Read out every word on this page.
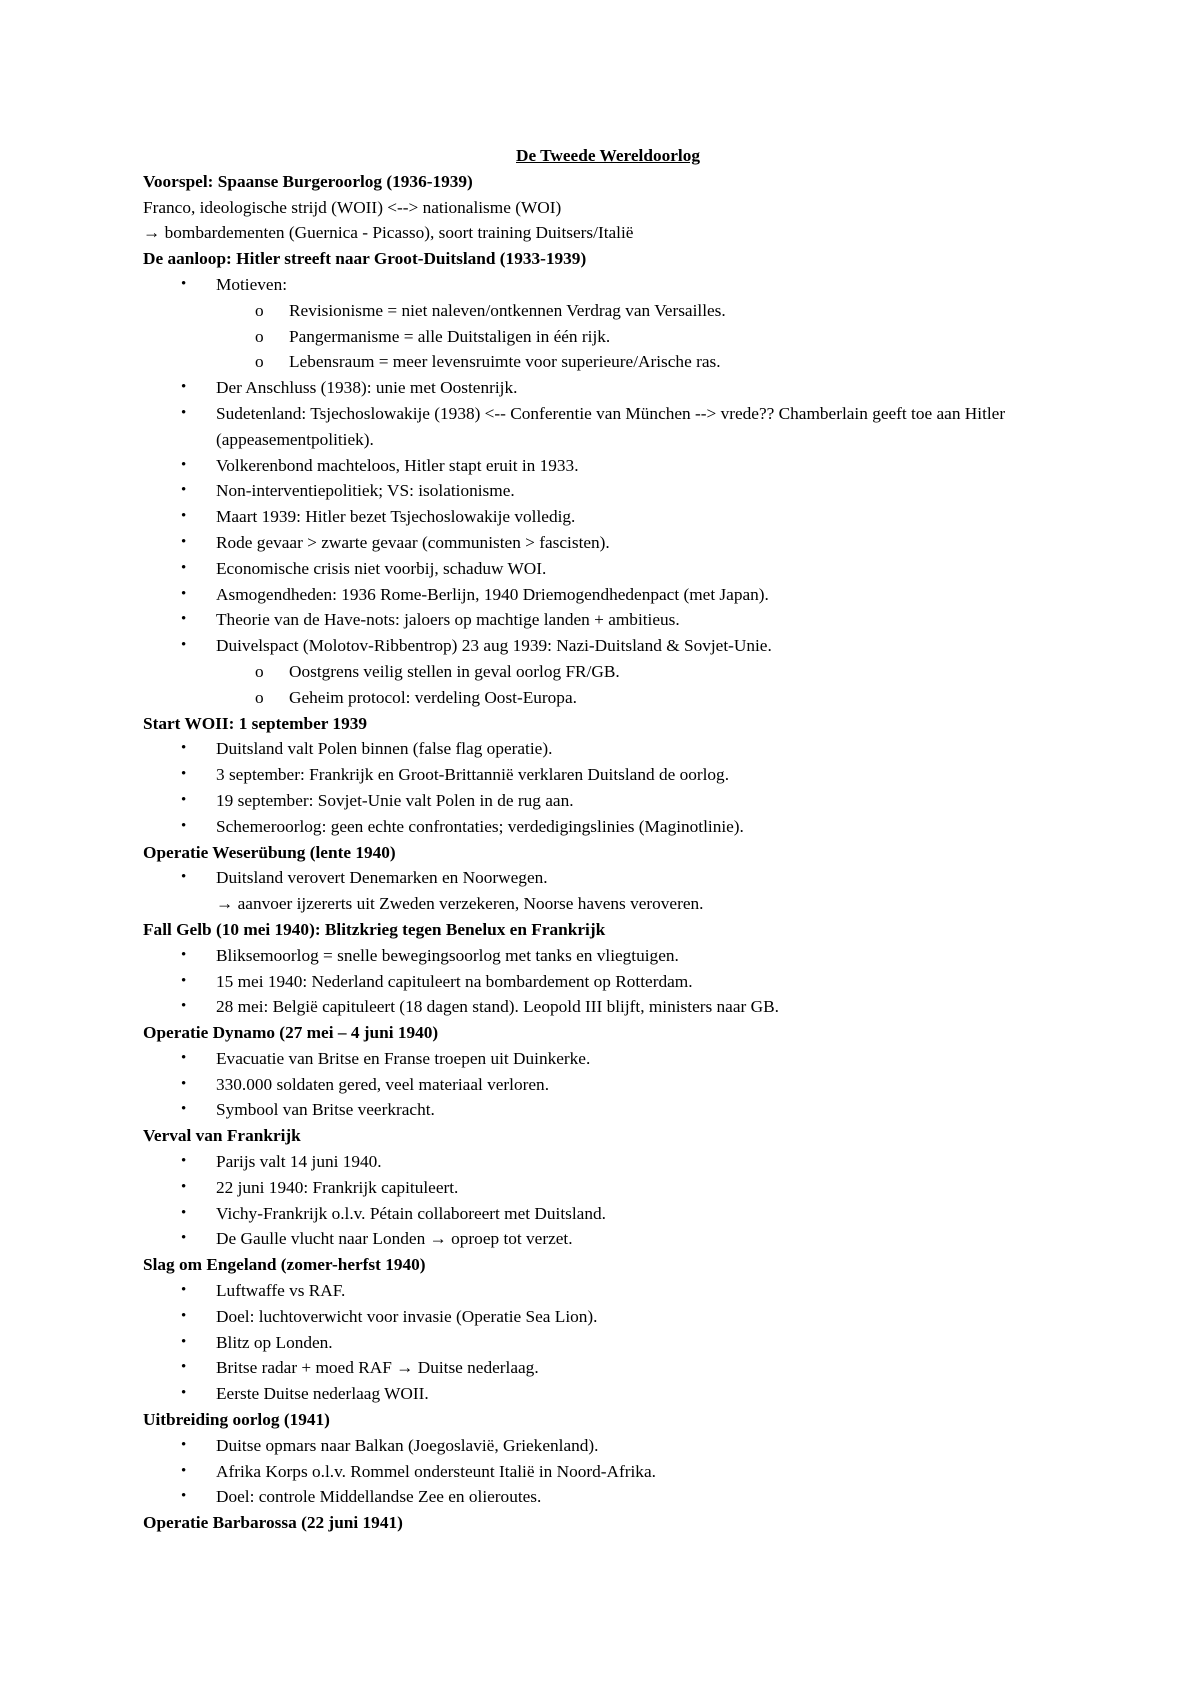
De Tweede Wereldoorlog

Voorspel: Spaanse Burgeroorlog (1936-1939)

Franco, ideologische strijd (WOII) <--> nationalisme (WOI)

→ bombardementen (Guernica - Picasso), soort training Duitsers/Italië

De aanloop: Hitler streeft naar Groot-Duitsland (1933-1939)

• Motieven:
o Revisionisme = niet naleven/ontkennen Verdrag van Versailles.
o Pangermanisme = alle Duitstaligen in één rijk.
o Lebensraum = meer levensruimte voor superieure/Arische ras.
• Der Anschluss (1938): unie met Oostenrijk.
• Sudetenland: Tsjechoslowakije (1938) <-- Conferentie van München --> vrede?? Chamberlain geeft toe aan Hitler (appeasementpolitiek).
• Volkerenbond machteloos, Hitler stapt eruit in 1933.
• Non-interventiepolitiek; VS: isolationisme.
• Maart 1939: Hitler bezet Tsjechoslowakije volledig.
• Rode gevaar > zwarte gevaar (communisten > fascisten).
• Economische crisis niet voorbij, schaduw WOI.
• Asmogendheden: 1936 Rome-Berlijn, 1940 Driemogendhedenpact (met Japan).
• Theorie van de Have-nots: jaloers op machtige landen + ambitieus.
• Duivelspact (Molotov-Ribbentrop) 23 aug 1939: Nazi-Duitsland & Sovjet-Unie.
o Oostgrens veilig stellen in geval oorlog FR/GB.
o Geheim protocol: verdeling Oost-Europa.

Start WOII: 1 september 1939

• Duitsland valt Polen binnen (false flag operatie).
• 3 september: Frankrijk en Groot-Brittannië verklaren Duitsland de oorlog.
• 19 september: Sovjet-Unie valt Polen in de rug aan.
• Schemeroorlog: geen echte confrontaties; verdedigingslinies (Maginotlinie).

Operatie Weserübung (lente 1940)

• Duitsland verovert Denemarken en Noorwegen.
→ aanvoer ijzererts uit Zweden verzekeren, Noorse havens veroveren.

Fall Gelb (10 mei 1940): Blitzkrieg tegen Benelux en Frankrijk

• Bliksemoorlog = snelle bewegingsoorlog met tanks en vliegtuigen.
• 15 mei 1940: Nederland capituleert na bombardement op Rotterdam.
• 28 mei: België capituleert (18 dagen stand). Leopold III blijft, ministers naar GB.

Operatie Dynamo (27 mei – 4 juni 1940)

• Evacuatie van Britse en Franse troepen uit Duinkerke.
• 330.000 soldaten gered, veel materiaal verloren.
• Symbool van Britse veerkracht.

Verval van Frankrijk

• Parijs valt 14 juni 1940.
• 22 juni 1940: Frankrijk capituleert.
• Vichy-Frankrijk o.l.v. Pétain collaboreert met Duitsland.
• De Gaulle vlucht naar Londen → oproep tot verzet.

Slag om Engeland (zomer-herfst 1940)

• Luftwaffe vs RAF.
• Doel: luchtoverwicht voor invasie (Operatie Sea Lion).
• Blitz op Londen.
• Britse radar + moed RAF → Duitse nederlaag.
• Eerste Duitse nederlaag WOII.

Uitbreiding oorlog (1941)

• Duitse opmars naar Balkan (Joegoslavië, Griekenland).
• Afrika Korps o.l.v. Rommel ondersteunt Italië in Noord-Afrika.
• Doel: controle Middellandse Zee en olieroutes.

Operatie Barbarossa (22 juni 1941)
